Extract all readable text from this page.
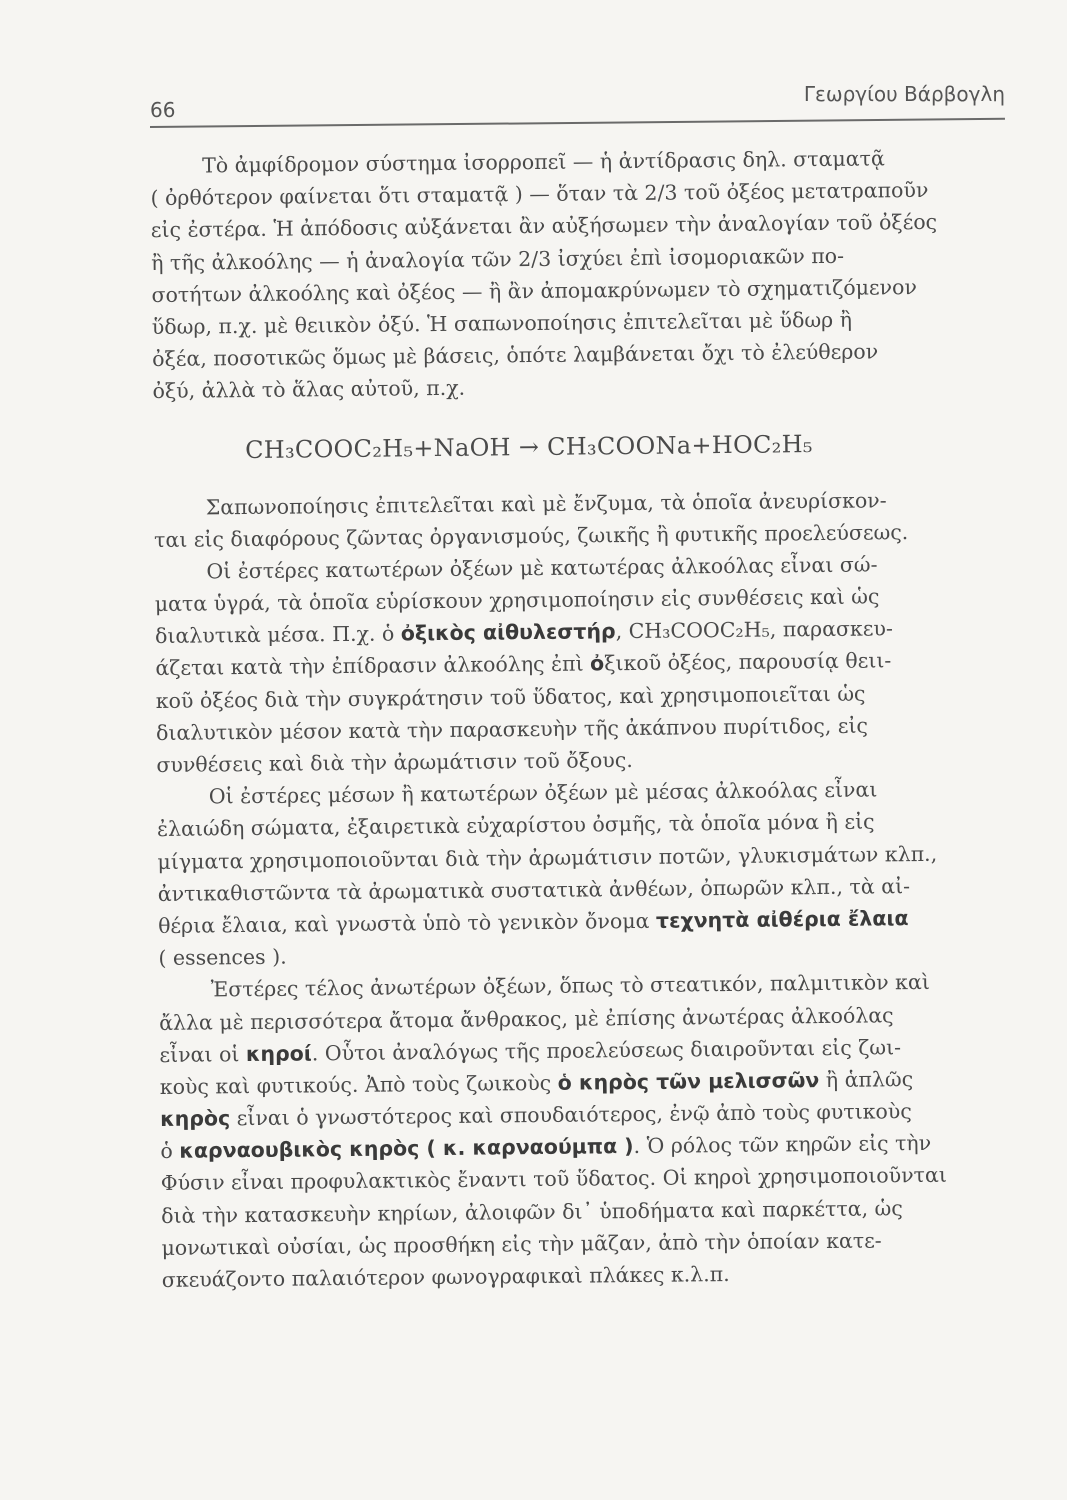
66
Γεωργίου Βάρβογλη
Τὸ ἀμφίδρομον σύστημα ἰσορροπεῖ — ἡ ἀντίδρασις δηλ. σταματᾷ
( ὀρθότερον φαίνεται ὅτι σταματᾷ ) — ὅταν τὰ 2/3 τοῦ ὀξέος μετατραποῦν
εἰς ἐστέρα. Ἡ ἀπόδοσις αὐξάνεται ἂν αὐξήσωμεν τὴν ἀναλογίαν τοῦ ὀξέος
ἢ τῆς ἀλκοόλης — ἡ ἀναλογία τῶν 2/3 ἰσχύει ἐπὶ ἰσομοριακῶν πο-
σοτήτων ἀλκοόλης καὶ ὀξέος — ἢ ἂν ἀπομακρύνωμεν τὸ σχηματιζόμενον
ὕδωρ, π.χ. μὲ θειικὸν ὀξύ. Ἡ σαπωνοποίησις ἐπιτελεῖται μὲ ὕδωρ ἢ
ὀξέα, ποσοτικῶς ὅμως μὲ βάσεις, ὁπότε λαμβάνεται ὄχι τὸ ἐλεύθερον
ὀξύ, ἀλλὰ τὸ ἅλας αὐτοῦ, π.χ.
CH₃COOC₂H₅+NaOH → CH₃COONa+HOC₂H₅
Σαπωνοποίησις ἐπιτελεῖται καὶ μὲ ἔνζυμα, τὰ ὁποῖα ἀνευρίσκον-
ται εἰς διαφόρους ζῶντας ὀργανισμούς, ζωικῆς ἢ φυτικῆς προελεύσεως.
Οἱ ἐστέρες κατωτέρων ὀξέων μὲ κατωτέρας ἀλκοόλας εἶναι σώ-
ματα ὑγρά, τὰ ὁποῖα εὑρίσκουν χρησιμοποίησιν εἰς συνθέσεις καὶ ὡς
διαλυτικὰ μέσα. Π.χ. ὁ ὀξικὸς αἰθυλεστήρ, CH₃COOC₂H₅, παρασκευ-
άζεται κατὰ τὴν ἐπίδρασιν ἀλκοόλης ἐπὶ ὀξικοῦ ὀξέος, παρουσίᾳ θειι-
κοῦ ὀξέος διὰ τὴν συγκράτησιν τοῦ ὕδατος, καὶ χρησιμοποιεῖται ὡς
διαλυτικὸν μέσον κατὰ τὴν παρασκευὴν τῆς ἀκάπνου πυρίτιδος, εἰς
συνθέσεις καὶ διὰ τὴν ἀρωμάτισιν τοῦ ὄξους.
Οἱ ἐστέρες μέσων ἢ κατωτέρων ὀξέων μὲ μέσας ἀλκοόλας εἶναι
ἐλαιώδη σώματα, ἐξαιρετικὰ εὐχαρίστου ὀσμῆς, τὰ ὁποῖα μόνα ἢ εἰς
μίγματα χρησιμοποιοῦνται διὰ τὴν ἀρωμάτισιν ποτῶν, γλυκισμάτων κλπ.,
ἀντικαθιστῶντα τὰ ἀρωματικὰ συστατικὰ ἀνθέων, ὀπωρῶν κλπ., τὰ αἰ-
θέρια ἔλαια, καὶ γνωστὰ ὑπὸ τὸ γενικὸν ὄνομα τεχνητὰ αἰθέρια ἔλαια
( essences ).
Ἐστέρες τέλος ἀνωτέρων ὀξέων, ὅπως τὸ στεατικόν, παλμιτικὸν καὶ
ἄλλα μὲ περισσότερα ἄτομα ἄνθρακος, μὲ ἐπίσης ἀνωτέρας ἀλκοόλας
εἶναι οἱ κηροί. Οὗτοι ἀναλόγως τῆς προελεύσεως διαιροῦνται εἰς ζωι-
κοὺς καὶ φυτικούς. Ἀπὸ τοὺς ζωικοὺς ὁ κηρὸς τῶν μελισσῶν ἢ ἁπλῶς
κηρὸς εἶναι ὁ γνωστότερος καὶ σπουδαιότερος, ἐνῷ ἀπὸ τοὺς φυτικοὺς
ὁ καρναουβικὸς κηρὸς ( κ. καρναούμπα ). Ὁ ρόλος τῶν κηρῶν εἰς τὴν
Φύσιν εἶναι προφυλακτικὸς ἔναντι τοῦ ὕδατος. Οἱ κηροὶ χρησιμοποιοῦνται
διὰ τὴν κατασκευὴν κηρίων, ἀλοιφῶν δι᾽ ὑποδήματα καὶ παρκέττα, ὡς
μονωτικαὶ οὐσίαι, ὡς προσθήκη εἰς τὴν μᾶζαν, ἀπὸ τὴν ὁποίαν κατε-
σκευάζοντο παλαιότερον φωνογραφικαὶ πλάκες κ.λ.π.
